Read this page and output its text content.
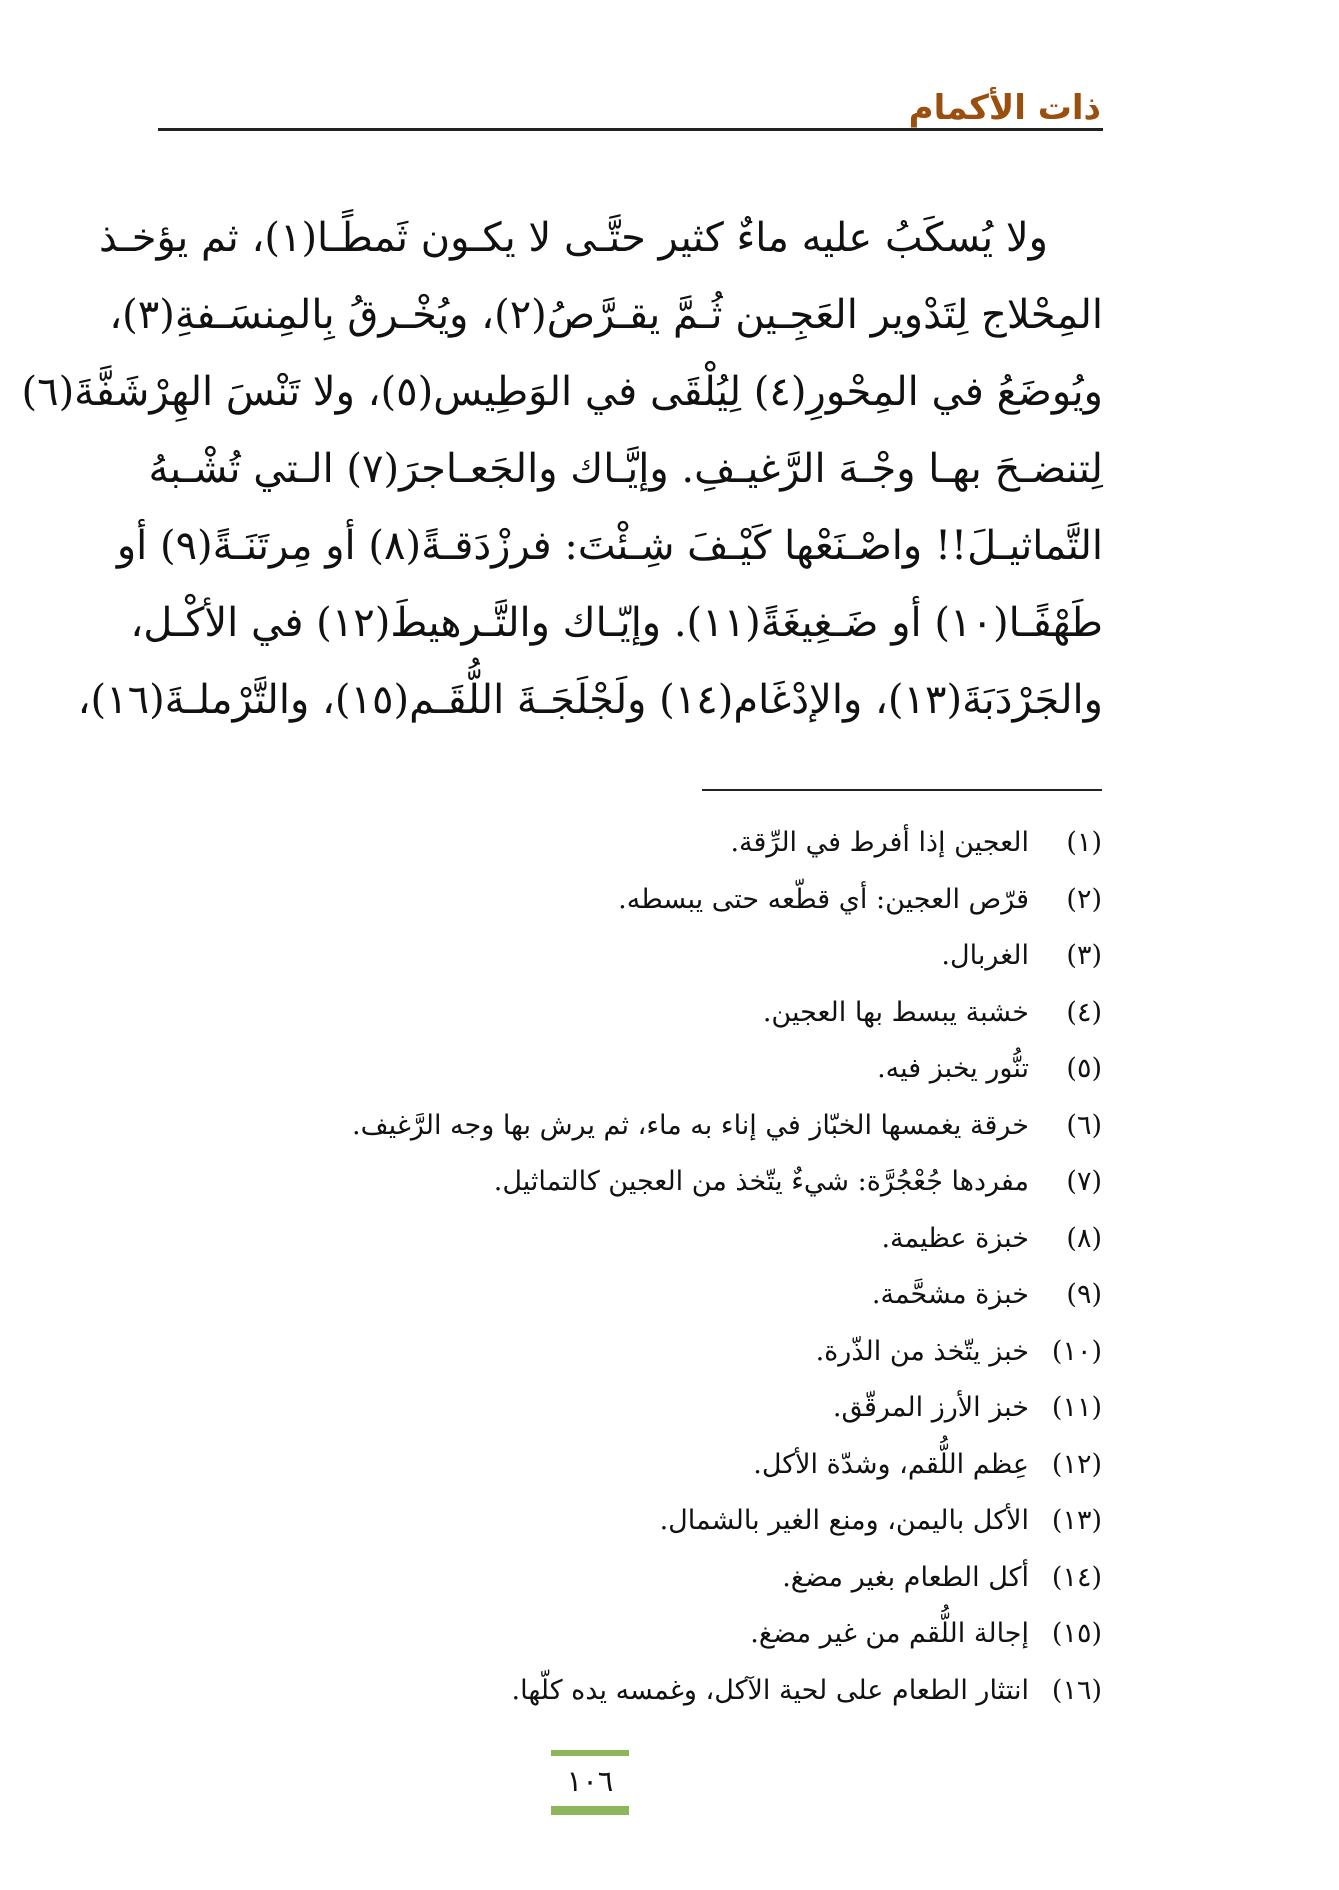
ذات الأكمام
ولا يُسكَبُ عليه ماءٌ كثير حتَّـى لا يكـون ثَمطًـا(١)، ثم يؤخـذ
المِحْلاج لِتَدْوير العَجِـين ثُـمَّ يقـرَّصُ(٢)، ويُخْـرقُ بِالمِنسَـفةِ(٣)،
ويُوضَعُ في المِحْورِ(٤) لِيُلْقَى في الوَطِيس(٥)، ولا تَنْسَ الهِرْشَفَّةَ(٦)
لِتنضـحَ بهـا وجْـهَ الرَّغيـفِ. وإيَّـاك والجَعـاجرَ(٧) الـتي تُشْـبهُ
التَّماثيـلَ!! واصْـنَعْها كَيْـفَ شِـئْتَ: فرزْدَقـةً(٨) أو مِرتَنَـةً(٩) أو
طَهْفًـا(١٠) أو ضَـغِيغَةً(١١). وإيّـاك والتَّـرهيطَ(١٢) في الأكْـل،
والجَرْدَبَةَ(١٣)، والإدْغَام(١٤) ولَجْلَجَـةَ اللُّقَـم(١٥)، والتَّرْملـةَ(١٦)،
(١)
العجين إذا أفرط في الرِّقة.
(٢)
قرّص العجين: أي قطّعه حتى يبسطه.
(٣)
الغربال.
(٤)
خشبة يبسط بها العجين.
(٥)
تنُّور يخبز فيه.
(٦)
خرقة يغمسها الخبّاز في إناء به ماء، ثم يرش بها وجه الرَّغيف.
(٧)
مفردها جُعْجُرَّة: شيءٌ يتّخذ من العجين كالتماثيل.
(٨)
خبزة عظيمة.
(٩)
خبزة مشحَّمة.
(١٠)
خبز يتّخذ من الذّرة.
(١١)
خبز الأرز المرقّق.
(١٢)
عِظم اللُّقم، وشدّة الأكل.
(١٣)
الأكل باليمن، ومنع الغير بالشمال.
(١٤)
أكل الطعام بغير مضغ.
(١٥)
إجالة اللُّقم من غير مضغ.
(١٦)
انتثار الطعام على لحية الآكل، وغمسه يده كلّها.
١٠٦
